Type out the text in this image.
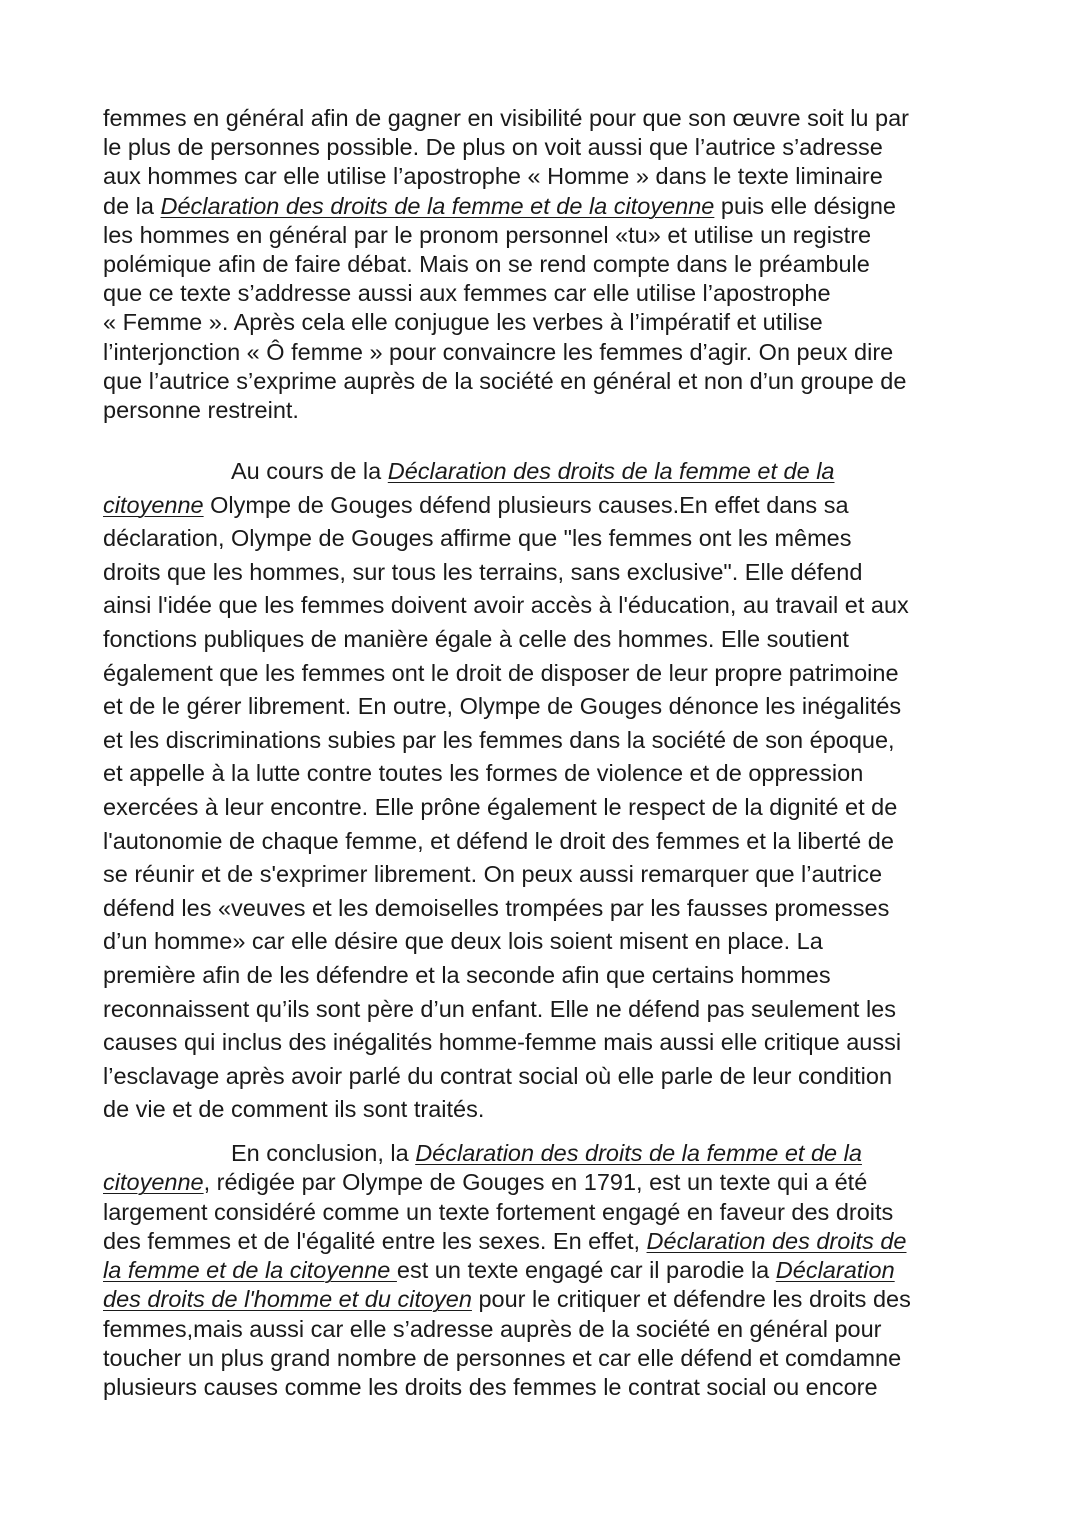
femmes en général afin de gagner en visibilité pour que son œuvre soit lu par
le plus de personnes possible. De plus on voit aussi que l’autrice s’adresse
aux hommes car elle utilise l’apostrophe « Homme » dans le texte liminaire
de la Déclaration des droits de la femme et de la citoyenne puis elle désigne
les hommes en général par le pronom personnel «tu» et utilise un registre
polémique afin de faire débat. Mais on se rend compte dans le préambule
que ce texte s’addresse aussi aux femmes car elle utilise l’apostrophe
« Femme ». Après cela elle conjugue les verbes à l’impératif et utilise
l’interjonction « Ô femme » pour convaincre les femmes d’agir. On peux dire
que l’autrice s’exprime auprès de la société en général et non d’un groupe de
personne restreint.
Au cours de la Déclaration des droits de la femme et de la
citoyenne Olympe de Gouges défend plusieurs causes.En effet dans sa
déclaration, Olympe de Gouges affirme que "les femmes ont les mêmes
droits que les hommes, sur tous les terrains, sans exclusive". Elle défend
ainsi l'idée que les femmes doivent avoir accès à l'éducation, au travail et aux
fonctions publiques de manière égale à celle des hommes. Elle soutient
également que les femmes ont le droit de disposer de leur propre patrimoine
et de le gérer librement. En outre, Olympe de Gouges dénonce les inégalités
et les discriminations subies par les femmes dans la société de son époque,
et appelle à la lutte contre toutes les formes de violence et de oppression
exercées à leur encontre. Elle prône également le respect de la dignité et de
l'autonomie de chaque femme, et défend le droit des femmes et la liberté de
se réunir et de s'exprimer librement. On peux aussi remarquer que l’autrice
défend les «veuves et les demoiselles trompées par les fausses promesses
d’un homme» car elle désire que deux lois soient misent en place. La
première afin de les défendre et la seconde afin que certains hommes
reconnaissent qu’ils sont père d’un enfant. Elle ne défend pas seulement les
causes qui inclus des inégalités homme-femme mais aussi elle critique aussi
l’esclavage après avoir parlé du contrat social où elle parle de leur condition
de vie et de comment ils sont traités.
En conclusion, la Déclaration des droits de la femme et de la
citoyenne, rédigée par Olympe de Gouges en 1791, est un texte qui a été
largement considéré comme un texte fortement engagé en faveur des droits
des femmes et de l'égalité entre les sexes. En effet, Déclaration des droits de
la femme et de la citoyenne est un texte engagé car il parodie la Déclaration
des droits de l'homme et du citoyen pour le critiquer et défendre les droits des
femmes,mais aussi car elle s’adresse auprès de la société en général pour
toucher un plus grand nombre de personnes et car elle défend et comdamne
plusieurs causes comme les droits des femmes le contrat social ou encore
